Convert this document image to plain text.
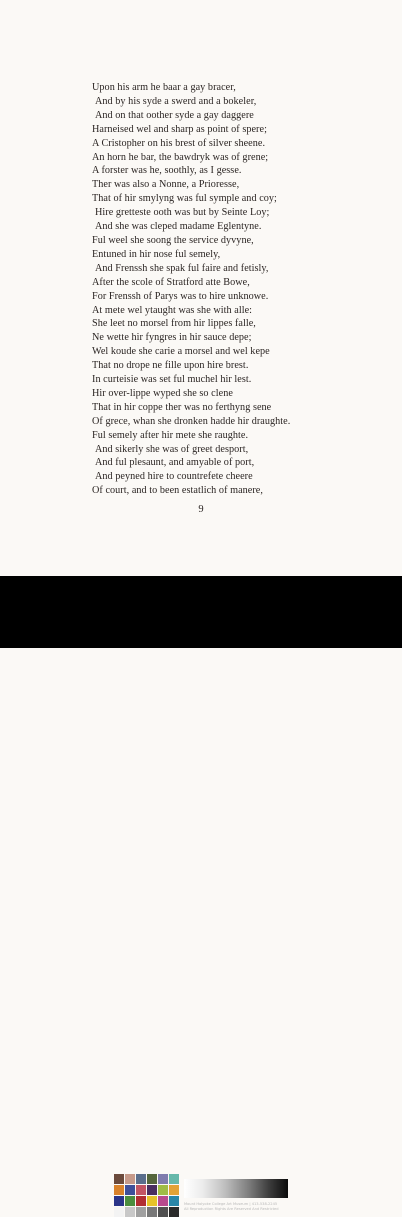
Upon his arm he baar a gay bracer,
And by his syde a swerd and a bokeler,
And on that oother syde a gay daggere
Harneised wel and sharp as point of spere;
A Cristopher on his brest of silver sheene.
An horn he bar, the bawdryk was of grene;
A forster was he, soothly, as I gesse.
Ther was also a Nonne, a Prioresse,
That of hir smylyng was ful symple and coy;
Hire gretteste ooth was but by Seinte Loy;
And she was cleped madame Eglentyne.
Ful weel she soong the service dyvyne,
Entuned in hir nose ful semely,
And Frenssh she spak ful faire and fetisly,
After the scole of Stratford atte Bowe,
For Frenssh of Parys was to hire unknowe.
At mete wel ytaught was she with alle:
She leet no morsel from hir lippes falle,
Ne wette hir fyngres in hir sauce depe;
Wel koude she carie a morsel and wel kepe
That no drope ne fille upon hire brest.
In curteisie was set ful muchel hir lest.
Hir over-lippe wyped she so clene
That in hir coppe ther was no ferthyng sene
Of grece, whan she dronken hadde hir draughte.
Ful semely after hir mete she raughte.
And sikerly she was of greet desport,
And ful plesaunt, and amyable of port,
And peyned hire to countrefete cheere
Of court, and to been estatlich of manere,
9
Mount Holyoke College Art Museum | 413-538-2245
All Reproduction Rights Are Reserved And Restricted
